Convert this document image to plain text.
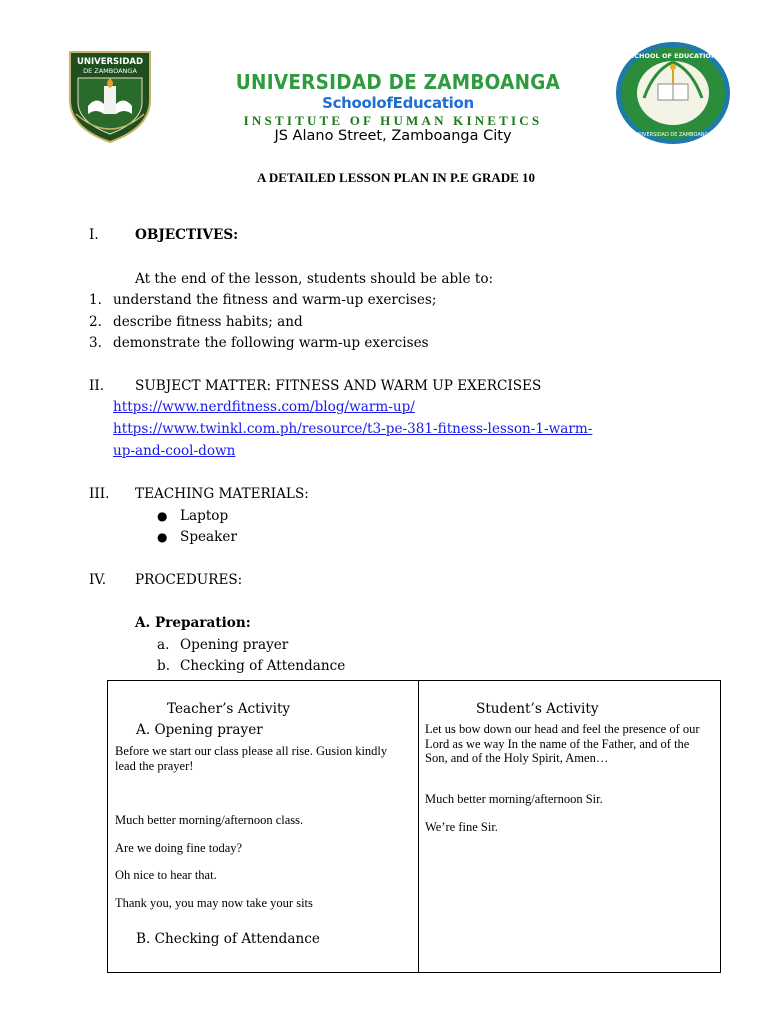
UNIVERSIDAD
DE ZAMBOANGA
SCHOOL OF EDUCATION
UNIVERSIDAD DE ZAMBOANGA
UNIVERSIDAD DE ZAMBOANGA
SchoolofEducation
INSTITUTE OF HUMAN KINETICS
JS Alano Street, Zamboanga City
A DETAILED LESSON PLAN IN P.E GRADE 10
I.	OBJECTIVES:
At the end of the lesson, students should be able to:
1. understand the fitness and warm-up exercises;
2. describe fitness habits; and
3. demonstrate the following warm-up exercises
II. SUBJECT MATTER: FITNESS AND WARM UP EXERCISES
https://www.nerdfitness.com/blog/warm-up/
https://www.twinkl.com.ph/resource/t3-pe-381-fitness-lesson-1-warm-
up-and-cool-down
III. TEACHING MATERIALS:
● Laptop
● Speaker
IV. PROCEDURES:
A. Preparation:
a. Opening prayer
b. Checking of Attendance
Teacher’s Activity	Student’s Activity
A. Opening prayer
Before we start our class please all rise. Gusion kindly lead the prayer!
Much better morning/afternoon class.
Are we doing fine today?
Oh nice to hear that.
Thank you, you may now take your sits
B. Checking of Attendance
Let us bow down our head and feel the presence of our Lord as we way In the name of the Father, and of the Son, and of the Holy Spirit, Amen…
Much better morning/afternoon Sir.
We’re fine Sir.
